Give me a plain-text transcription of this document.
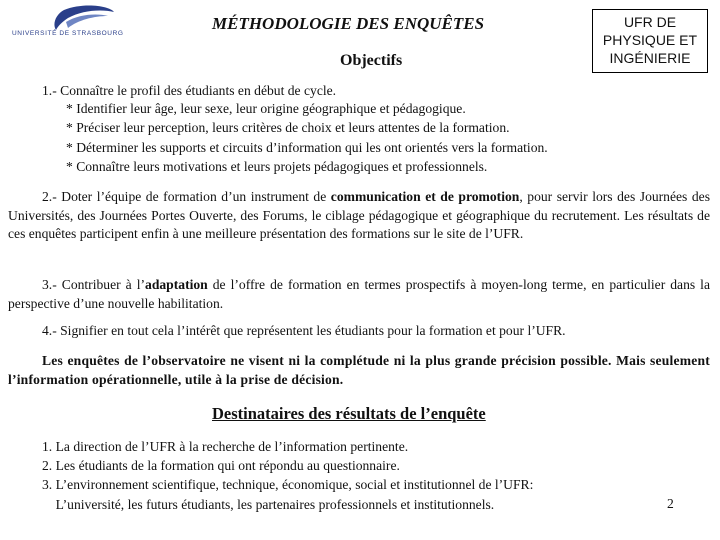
UNIVERSITÉ DE STRASBOURG
MÉTHODOLOGIE DES ENQUÊTES
Objectifs
UFR DE
PHYSIQUE ET
INGÉNIERIE
1.- Connaître le profil des étudiants en début de cycle.
* Identifier leur âge, leur sexe, leur origine géographique et pédagogique.
* Préciser leur perception, leurs critères de choix et leurs attentes de la formation.
* Déterminer les supports et circuits d’information qui les ont orientés vers la formation.
* Connaître leurs motivations et leurs projets pédagogiques et professionnels.
2.- Doter l’équipe de formation d’un instrument de communication et de promotion, pour servir lors des Journées des Universités, des Journées Portes Ouverte, des Forums, le ciblage pédagogique et géographique du recrutement. Les résultats de ces enquêtes participent enfin à une meilleure présentation des formations sur le site de l’UFR.
3.- Contribuer à l’adaptation de l’offre de formation en termes prospectifs à moyen-long terme, en particulier dans la perspective d’une nouvelle habilitation.
4.- Signifier en tout cela l’intérêt que représentent les étudiants pour la formation et pour l’UFR.
Les enquêtes de l’observatoire ne visent ni la complétude ni la plus grande précision possible. Mais seulement l’information opérationnelle, utile à la prise de décision.
Destinataires des résultats de l’enquête
1. La direction de l’UFR à la recherche de l’information pertinente.
2. Les étudiants de la formation qui ont répondu au questionnaire.
3. L’environnement scientifique, technique, économique, social et institutionnel de l’UFR:
L’université, les futurs étudiants, les partenaires professionnels et institutionnels.	2
